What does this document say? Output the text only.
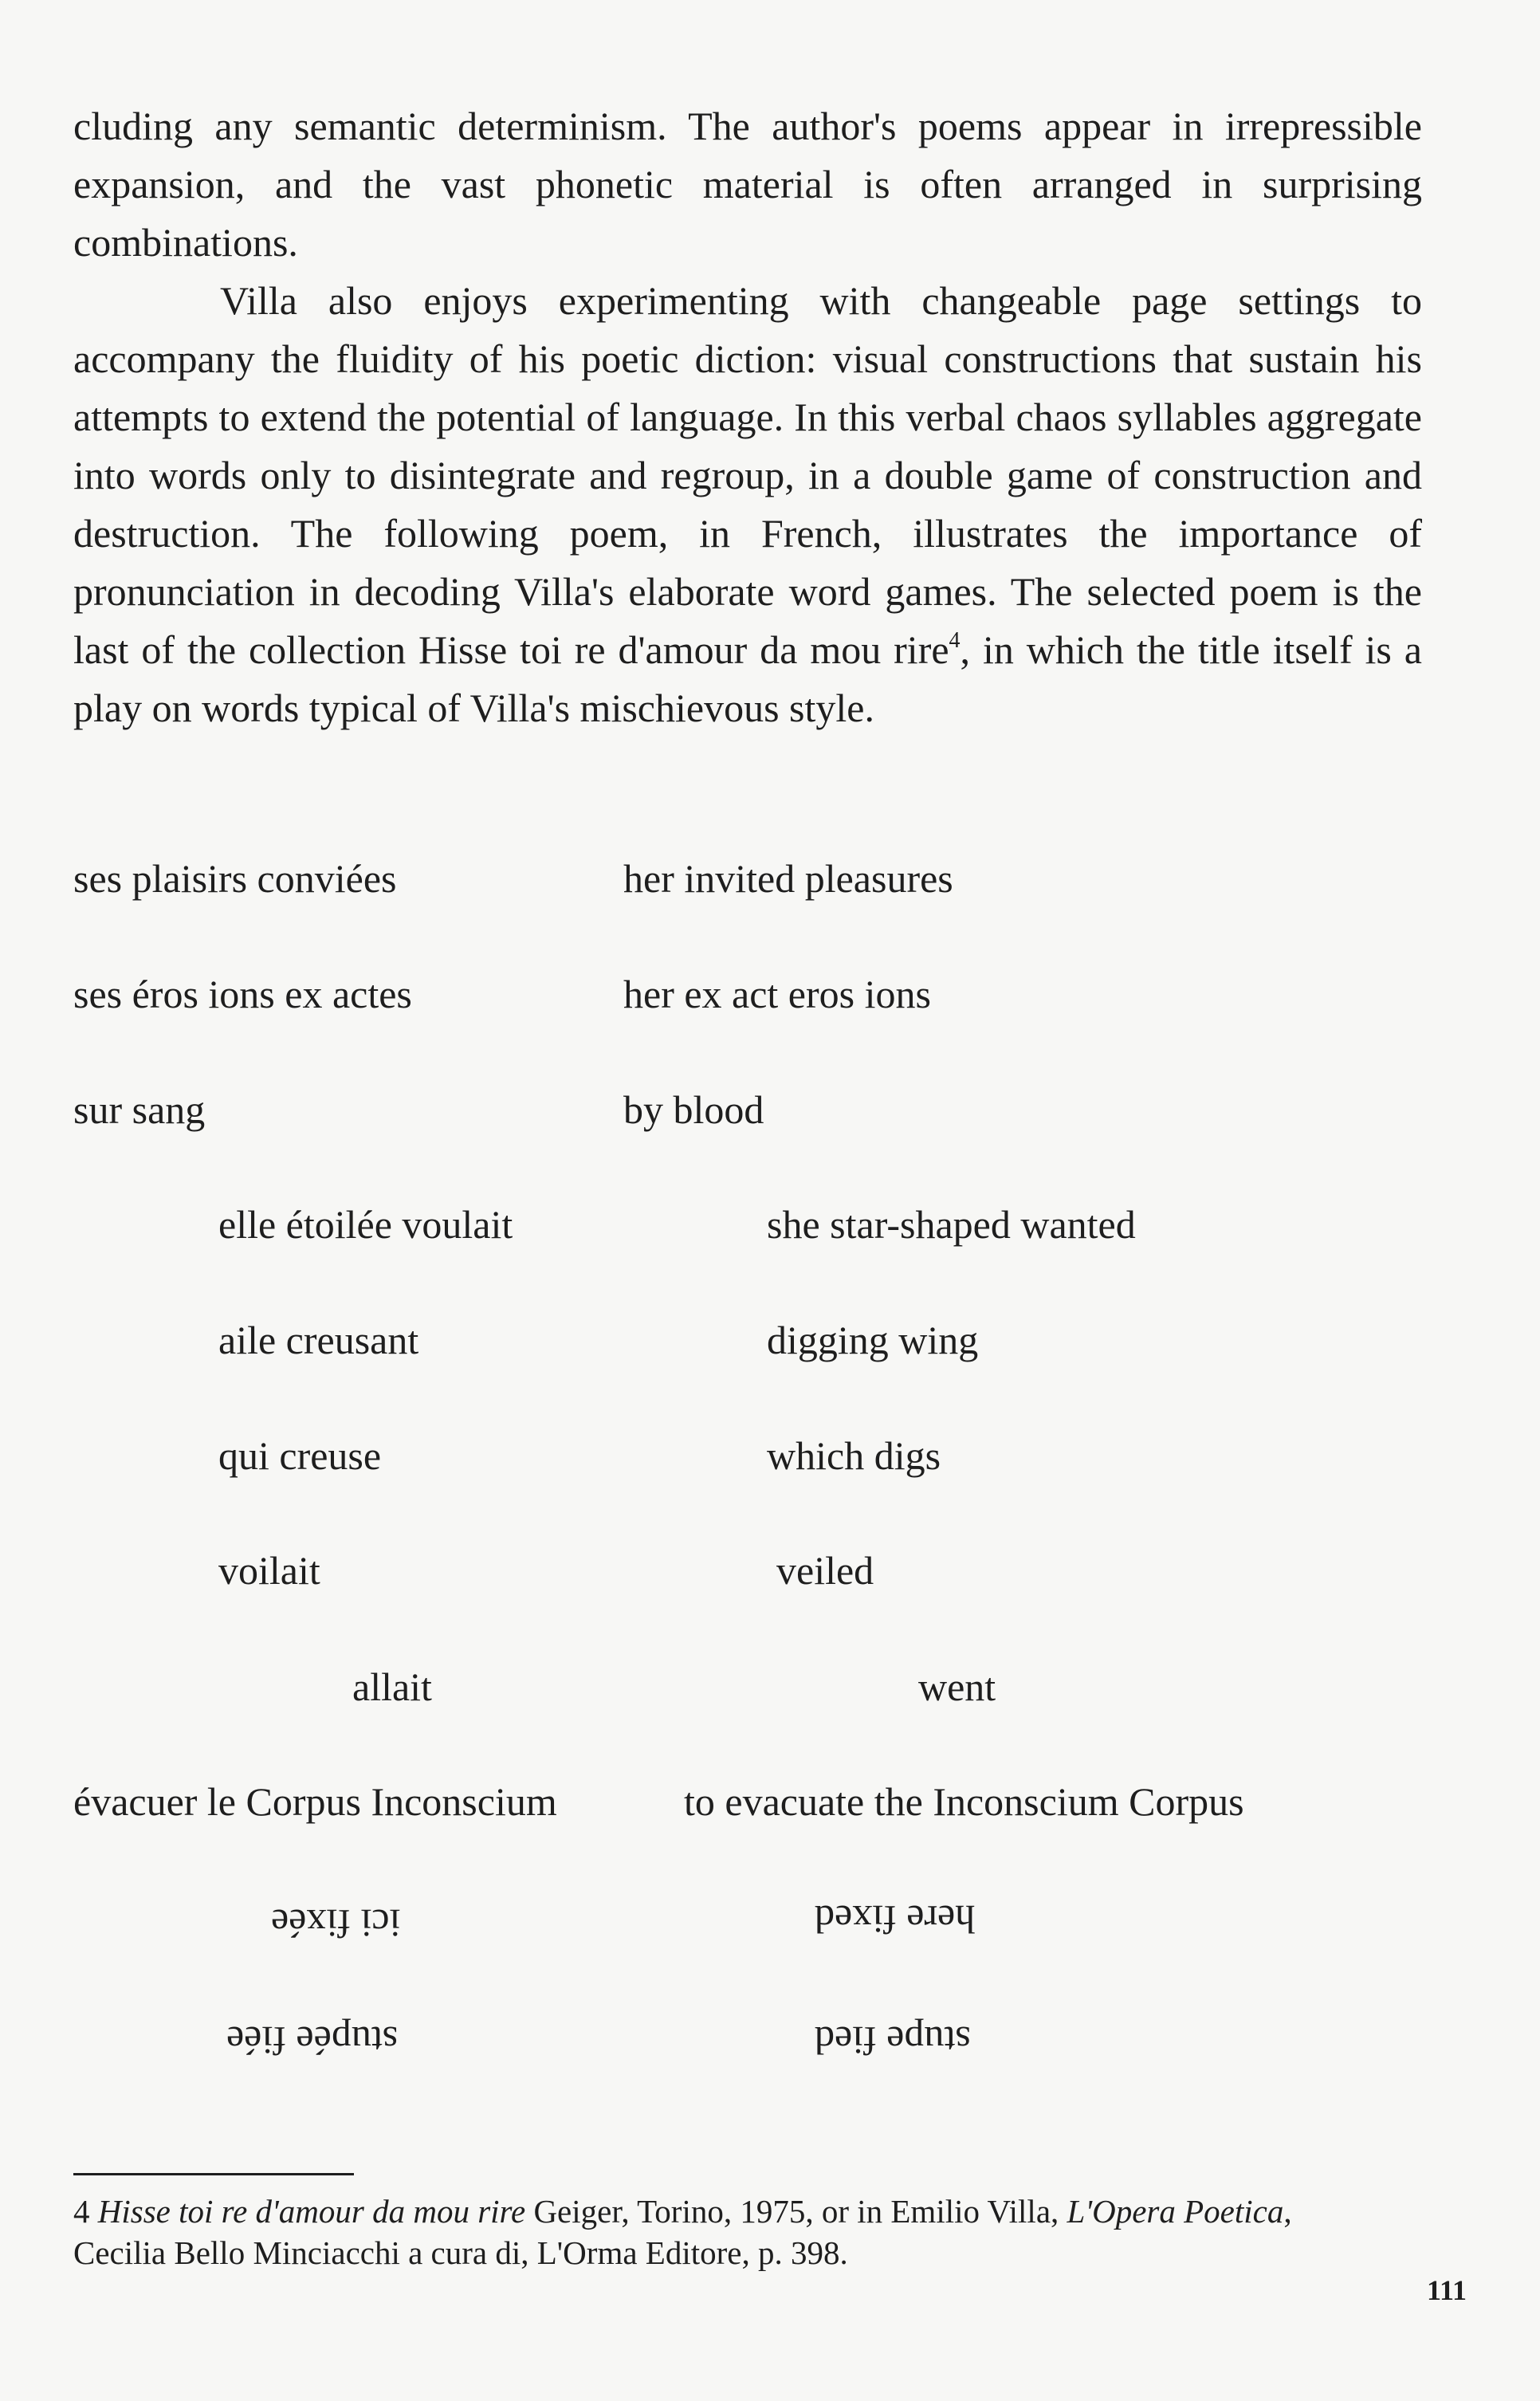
cluding any semantic determinism. The author's poems appear in irrepressible expansion, and the vast phonetic material is often arranged in surprising combinations.

Villa also enjoys experimenting with changeable page settings to accompany the fluidity of his poetic diction: visual constructions that sustain his attempts to extend the potential of language. In this verbal chaos syllables aggregate into words only to disintegrate and regroup, in a double game of construction and destruction. The following poem, in French, illustrates the importance of pronunciation in decoding Villa's elaborate word games. The selected poem is the last of the collection Hisse toi re d'amour da mou rire$^4$, in which the title itself is a play on words typical of Villa's mischievous style.

ses plaisirs conviées
ses éros ions ex actes
sur sang
elle étoilée voulait
aile creusant
qui creuse
voilait
allait
évacuer le Corpus Inconscium
ici fixée
stupée fiée
her invited pleasures
her ex act eros ions
by blood
she star-shaped wanted
digging wing
which digs
veiled
went
to evacuate the Inconscium Corpus
here fixed
stupe fied
4 Hisse toi re d'amour da mou rire Geiger, Torino, 1975, or in Emilio Villa, L'Opera Poetica,
Cecilia Bello Minciacchi a cura di, L'Orma Editore, p. 398.
111
